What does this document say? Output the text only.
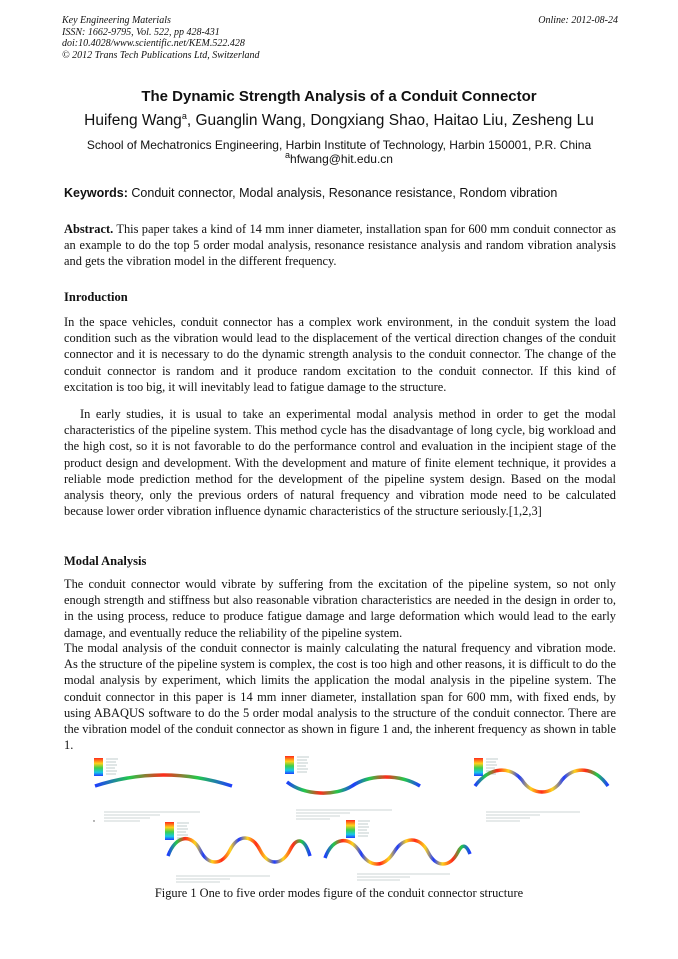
Key Engineering Materials
ISSN: 1662-9795, Vol. 522, pp 428-431
doi:10.4028/www.scientific.net/KEM.522.428
© 2012 Trans Tech Publications Ltd, Switzerland
Online: 2012-08-24
The Dynamic Strength Analysis of a Conduit Connector
Huifeng Wang$^a$, Guanglin Wang, Dongxiang Shao, Haitao Liu, Zesheng Lu
School of Mechatronics Engineering, Harbin Institute of Technology, Harbin 150001, P.R. China
$^a$hfwang@hit.edu.cn
Keywords: Conduit connector, Modal analysis, Resonance resistance, Rondom vibration
Abstract. This paper takes a kind of 14 mm inner diameter, installation span for 600 mm conduit connector as an example to do the top 5 order modal analysis, resonance resistance analysis and random vibration analysis and gets the vibration model in the different frequency.
Inroduction
In the space vehicles, conduit connector has a complex work environment, in the conduit system the load condition such as the vibration would lead to the displacement of the vertical direction changes of the conduit connector and it is necessary to do the dynamic strength analysis to the conduit connector. The change of the conduit connector is random and it produce random excitation to the conduit connector. If this kind of excitation is too big, it will inevitably lead to fatigue damage to the structure.
In early studies, it is usual to take an experimental modal analysis method in order to get the modal characteristics of the pipeline system. This method cycle has the disadvantage of long cycle, big workload and the high cost, so it is not favorable to do the performance control and evaluation in the incipient stage of the product design and development. With the development and mature of finite element technique, it provides a reliable mode prediction method for the development of the pipeline system design. Based on the modal analysis theory, only the previous orders of natural frequency and vibration mode need to be calculated because lower order vibration influence dynamic characteristics of the structure seriously.[1,2,3]
Modal Analysis
The conduit connector would vibrate by suffering from the excitation of the pipeline system, so not only enough strength and stiffness but also reasonable vibration characteristics are needed in the design in order to, in the using process, reduce to produce fatigue damage and large deformation which would lead to the early damage, and eventually reduce the reliability of the pipeline system.
The modal analysis of the conduit connector is mainly calculating the natural frequency and vibration mode. As the structure of the pipeline system is complex, the cost is too high and other reasons, it is difficult to do the modal analysis by experiment, which limits the application the modal analysis in the pipeline system. The conduit connector in this paper is 14 mm inner diameter, installation span for 600 mm, with fixed ends, by using ABAQUS software to do the 5 order modal analysis to the structure of the conduit connector. There are the vibration model of the conduit connector as shown in figure 1 and, the inherent frequency as shown in table 1.
x
Figure 1 One to five order modes figure of the conduit connector structure
